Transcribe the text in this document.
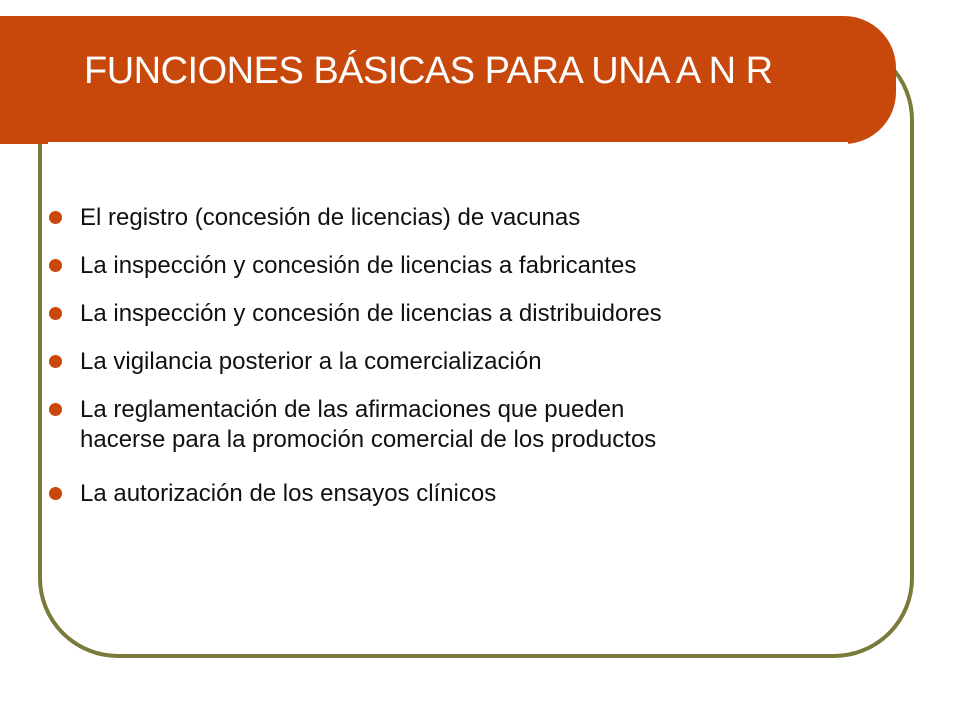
FUNCIONES BÁSICAS PARA UNA A N R
El registro (concesión de licencias) de vacunas
La inspección y concesión de licencias a fabricantes
La inspección y concesión de licencias a distribuidores
La vigilancia posterior a la comercialización
La reglamentación de las afirmaciones que pueden
hacerse para la promoción comercial de los productos
La autorización de los ensayos clínicos
